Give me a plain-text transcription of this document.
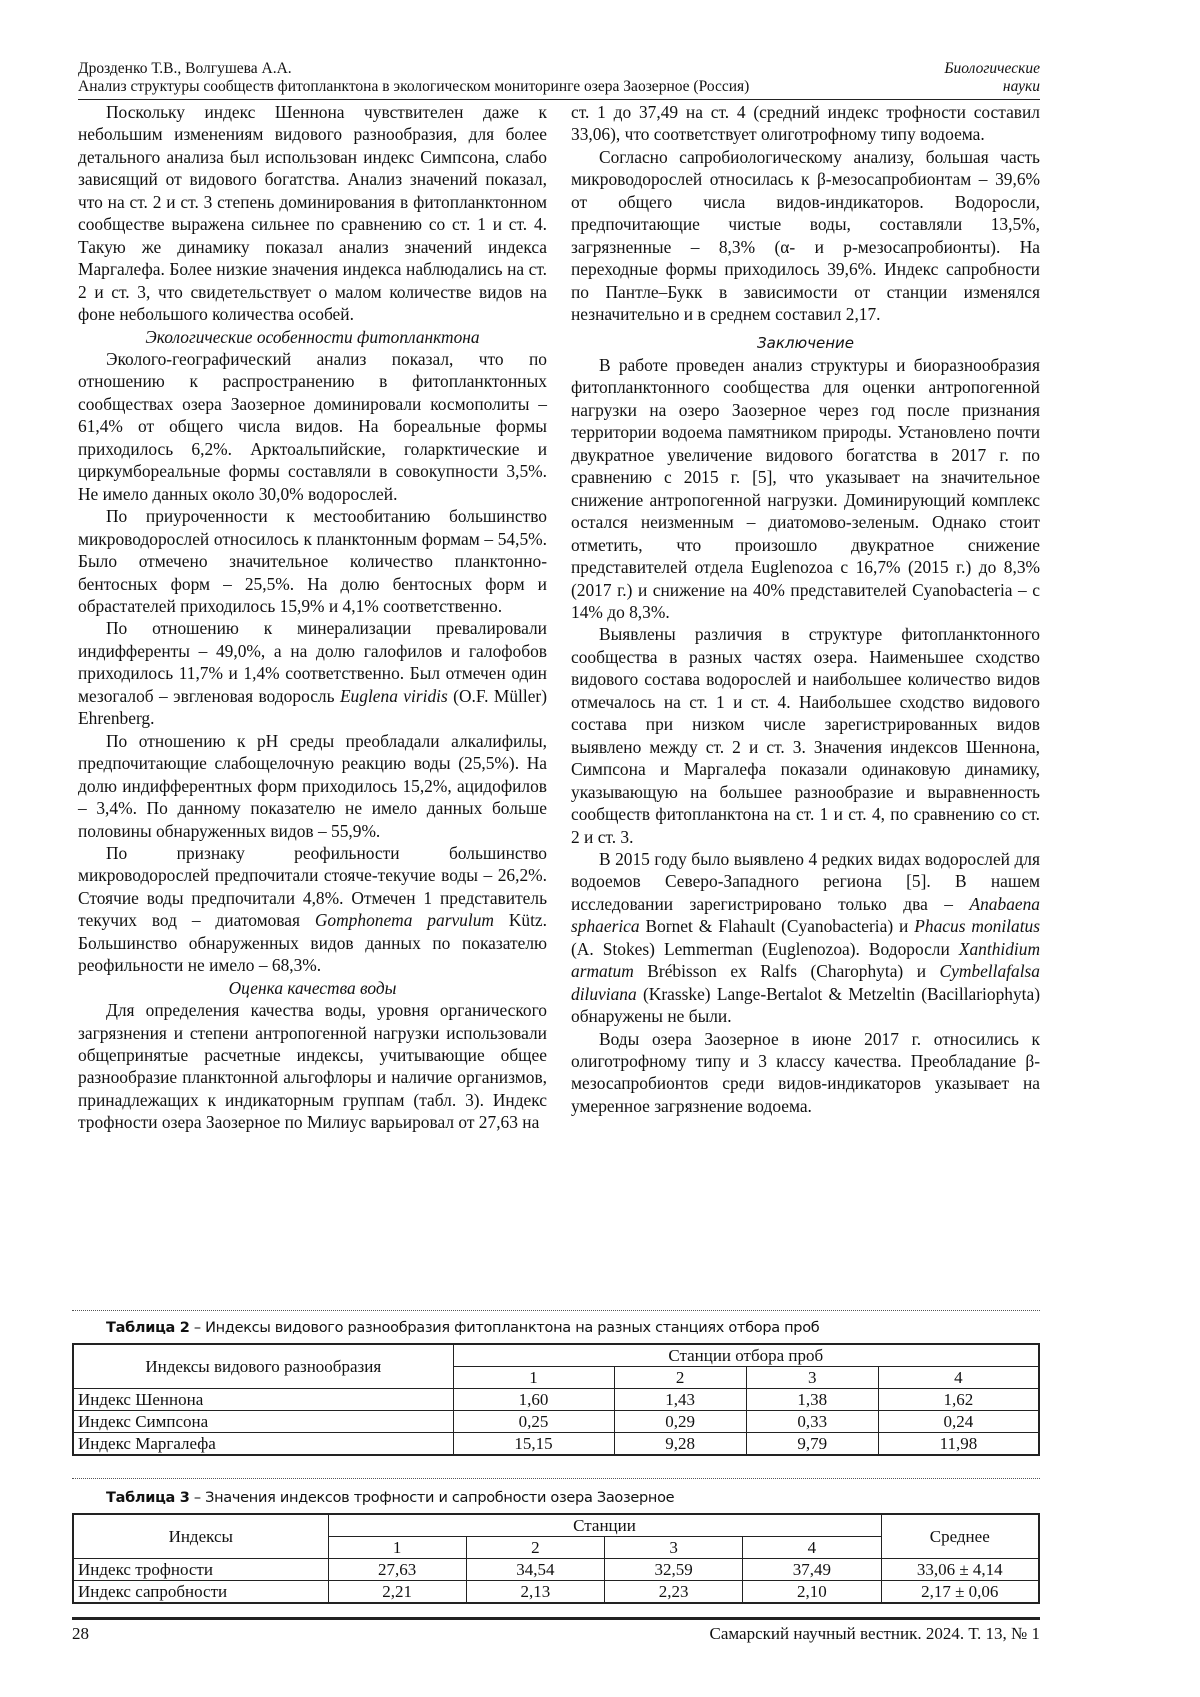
Дрозденко Т.В., Волгушева А.А.
Анализ структуры сообществ фитопланктона в экологическом мониторинге озера Заозерное (Россия)
Биологические
науки

Поскольку индекс Шеннона чувствителен даже к небольшим изменениям видового разнообразия, для более детального анализа был использован индекс Симпсона, слабо зависящий от видового богатства. Анализ значений показал, что на ст. 2 и ст. 3 степень доминирования в фитопланктонном сообществе выражена сильнее по сравнению со ст. 1 и ст. 4. Такую же динамику показал анализ значений индекса Маргалефа. Более низкие значения индекса наблюдались на ст. 2 и ст. 3, что свидетельствует о малом количестве видов на фоне небольшого количества особей.

Экологические особенности фитопланктона

Эколого-географический анализ показал, что по отношению к распространению в фитопланктонных сообществах озера Заозерное доминировали космополиты – 61,4% от общего числа видов. На бореальные формы приходилось 6,2%. Арктоальпийские, голарктические и циркумбореальные формы составляли в совокупности 3,5%. Не имело данных около 30,0% водорослей.

По приуроченности к местообитанию большинство микроводорослей относилось к планктонным формам – 54,5%. Было отмечено значительное количество планктонно-бентосных форм – 25,5%. На долю бентосных форм и обрастателей приходилось 15,9% и 4,1% соответственно.

По отношению к минерализации превалировали индифференты – 49,0%, а на долю галофилов и галофобов приходилось 11,7% и 1,4% соответственно. Был отмечен один мезогалоб – эвгленовая водоросль Euglena viridis (O.F. Müller) Ehrenberg.

По отношению к pH среды преобладали алкалифилы, предпочитающие слабощелочную реакцию воды (25,5%). На долю индифферентных форм приходилось 15,2%, ацидофилов – 3,4%. По данному показателю не имело данных больше половины обнаруженных видов – 55,9%.

По признаку реофильности большинство микроводорослей предпочитали стояче-текучие воды – 26,2%. Стоячие воды предпочитали 4,8%. Отмечен 1 представитель текучих вод – диатомовая Gomphonema parvulum Kütz. Большинство обнаруженных видов данных по показателю реофильности не имело – 68,3%.

Оценка качества воды

Для определения качества воды, уровня органического загрязнения и степени антропогенной нагрузки использовали общепринятые расчетные индексы, учитывающие общее разнообразие планктонной альгофлоры и наличие организмов, принадлежащих к индикаторным группам (табл. 3). Индекс трофности озера Заозерное по Милиус варьировал от 27,63 на

ст. 1 до 37,49 на ст. 4 (средний индекс трофности составил 33,06), что соответствует олиготрофному типу водоема.

Согласно сапробиологическому анализу, большая часть микроводорослей относилась к β-мезосапробионтам – 39,6% от общего числа видов-индикаторов. Водоросли, предпочитающие чистые воды, составляли 13,5%, загрязненные – 8,3% (α- и р-мезосапробионты). На переходные формы приходилось 39,6%. Индекс сапробности по Пантле–Букк в зависимости от станции изменялся незначительно и в среднем составил 2,17.

Заключение

В работе проведен анализ структуры и биоразнообразия фитопланктонного сообщества для оценки антропогенной нагрузки на озеро Заозерное через год после признания территории водоема памятником природы. Установлено почти двукратное увеличение видового богатства в 2017 г. по сравнению с 2015 г. [5], что указывает на значительное снижение антропогенной нагрузки. Доминирующий комплекс остался неизменным – диатомово-зеленым. Однако стоит отметить, что произошло двукратное снижение представителей отдела Euglenozoa с 16,7% (2015 г.) до 8,3% (2017 г.) и снижение на 40% представителей Cyanobacteria – с 14% до 8,3%.

Выявлены различия в структуре фитопланктонного сообщества в разных частях озера. Наименьшее сходство видового состава водорослей и наибольшее количество видов отмечалось на ст. 1 и ст. 4. Наибольшее сходство видового состава при низком числе зарегистрированных видов выявлено между ст. 2 и ст. 3. Значения индексов Шеннона, Симпсона и Маргалефа показали одинаковую динамику, указывающую на большее разнообразие и выравненность сообществ фитопланктона на ст. 1 и ст. 4, по сравнению со ст. 2 и ст. 3.

В 2015 году было выявлено 4 редких видах водорослей для водоемов Северо-Западного региона [5]. В нашем исследовании зарегистрировано только два – Anabaena sphaerica Bornet & Flahault (Cyanobacteria) и Phacus monilatus (A. Stokes) Lemmerman (Euglenozoa). Водоросли Xanthidium armatum Brébisson ex Ralfs (Charophyta) и Cymbellafalsa diluviana (Krasske) Lange-Bertalot & Metzeltin (Bacillariophyta) обнаружены не были.

Воды озера Заозерное в июне 2017 г. относились к олиготрофному типу и 3 классу качества. Преобладание β-мезосапробионтов среди видов-индикаторов указывает на умеренное загрязнение водоема.

Таблица 2 – Индексы видового разнообразия фитопланктона на разных станциях отбора проб
Индексы видового разнообразия	Станции отбора проб
1	2	3	4
Индекс Шеннона	1,60	1,43	1,38	1,62
Индекс Симпсона	0,25	0,29	0,33	0,24
Индекс Маргалефа	15,15	9,28	9,79	11,98
Таблица 3 – Значения индексов трофности и сапробности озера Заозерное
Индексы	Станции	Среднее
1	2	3	4
Индекс трофности	27,63	34,54	32,59	37,49	33,06 ± 4,14
Индекс сапробности	2,21	2,13	2,23	2,10	2,17 ± 0,06
28	Самарский научный вестник. 2024. Т. 13, № 1
